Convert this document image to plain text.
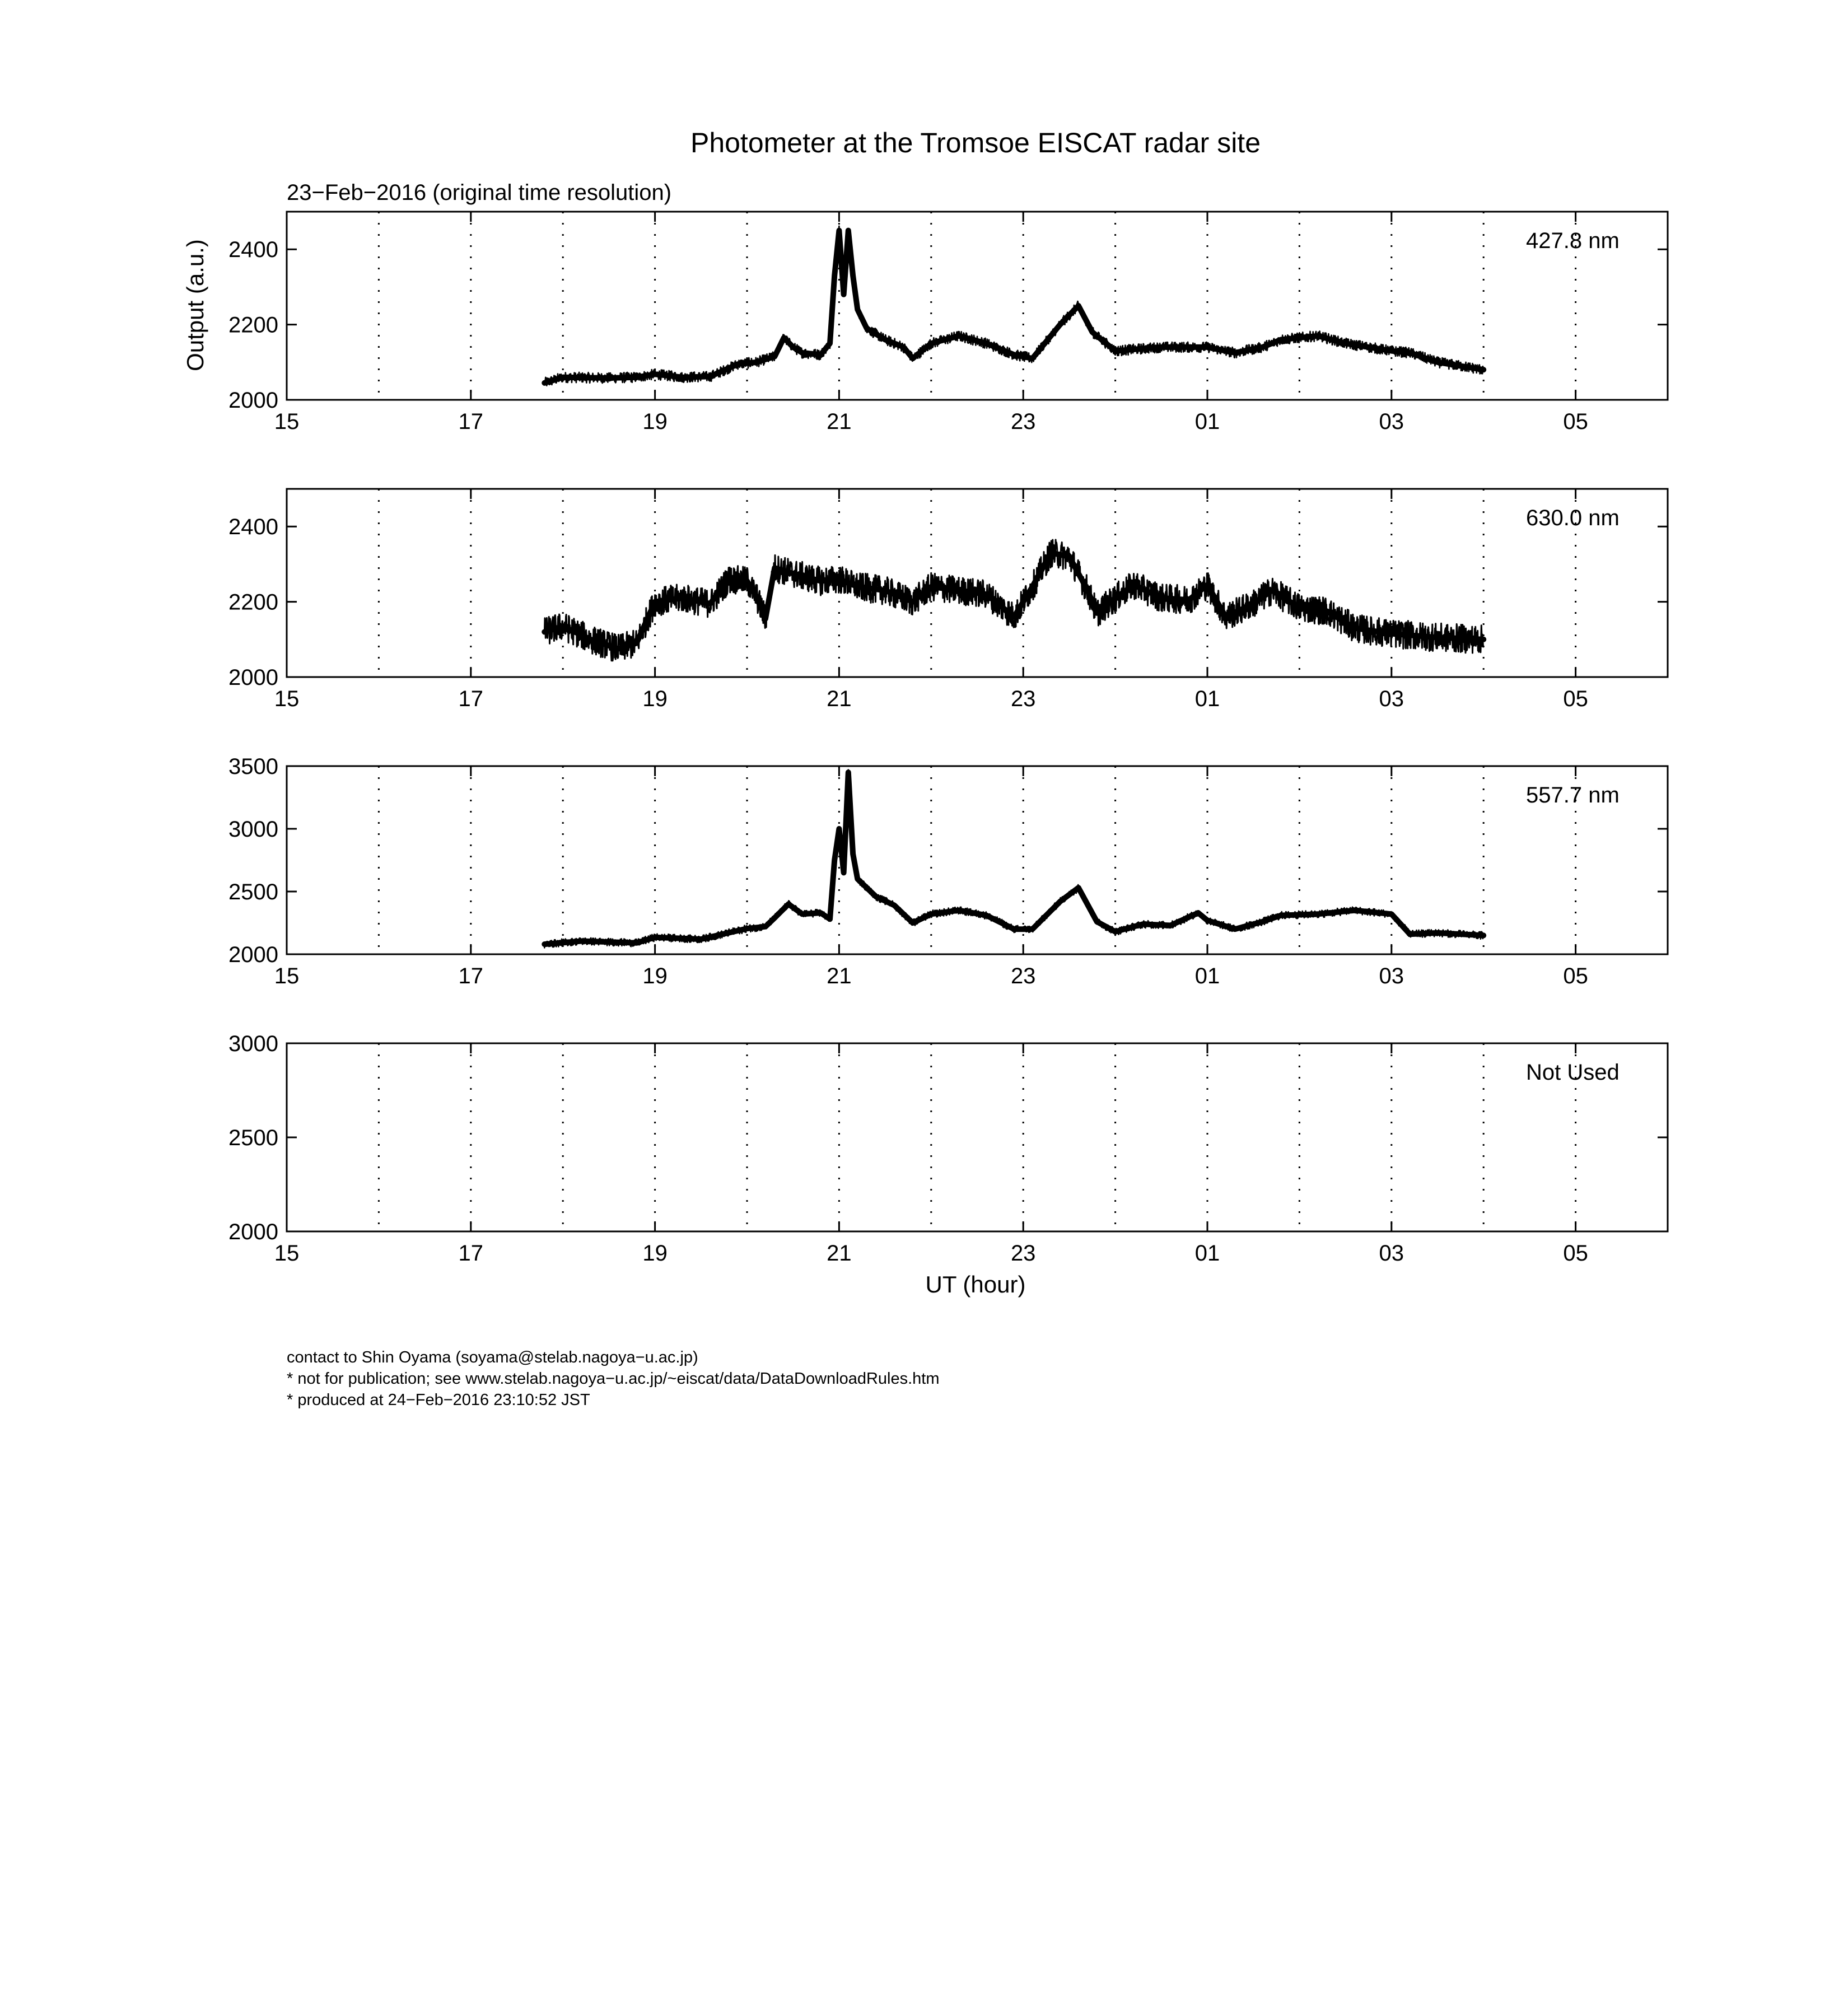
Photometer at the Tromsoe EISCAT radar site
23−Feb−2016 (original time resolution)
Output (a.u.)
UT (hour)
contact to Shin Oyama (soyama@stelab.nagoya−u.ac.jp)
* not for publication; see www.stelab.nagoya−u.ac.jp/~eiscat/data/DataDownloadRules.htm
* produced at 24−Feb−2016 23:10:52 JST
15	17	19	21	23	01	03	05
2000
2200
2400	427.8 nm
15	17	19	21	23	01	03	05
2000
2200
2400	630.0 nm
15	17	19	21	23	01	03	05
2000
2500
3000
3500
557.7 nm
15	17	19	21	23	01	03	05
2000
2500
3000
Not Used
